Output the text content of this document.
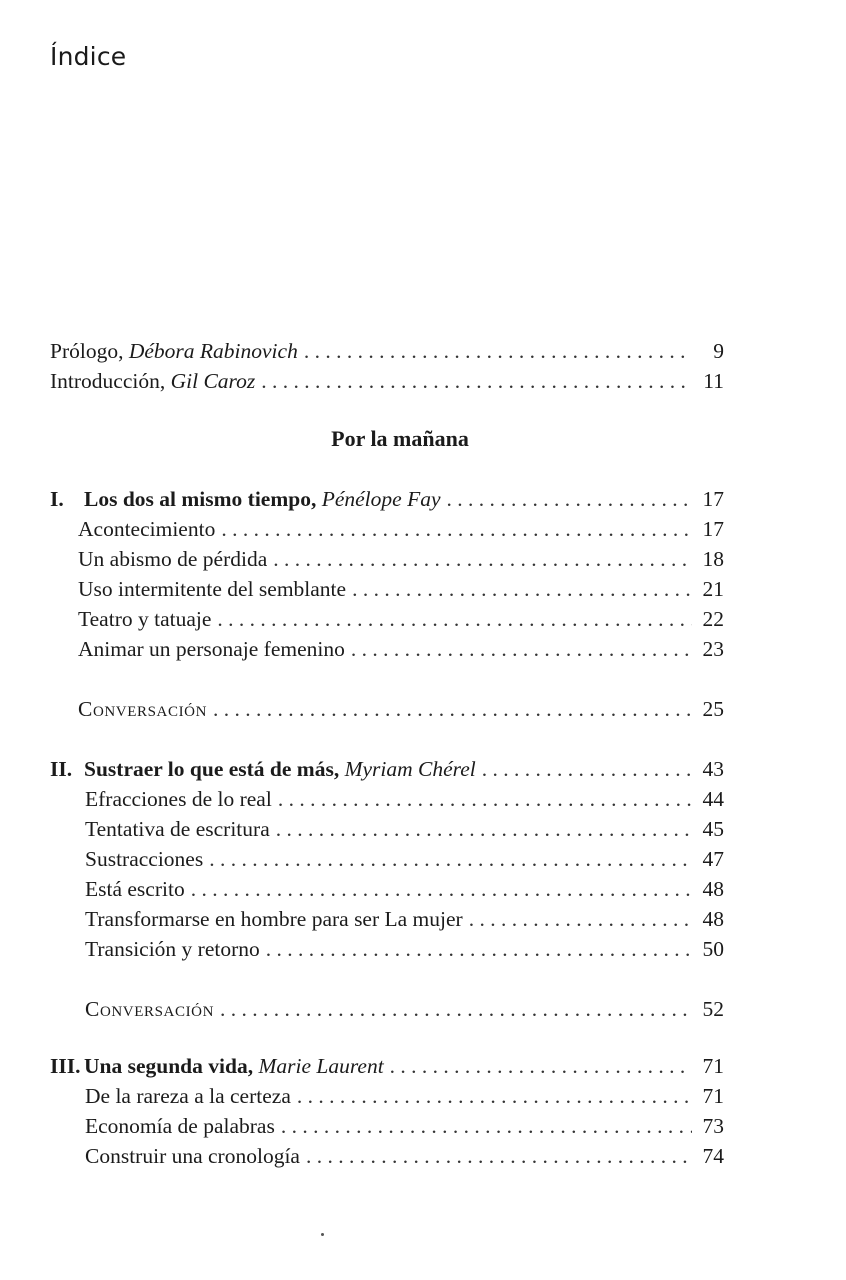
Índice
Prólogo, Débora Rabinovich . . .	9
Introducción, Gil Caroz . . .	11
Por la mañana
I. Los dos al mismo tiempo, Pénélope Fay . . .	17
Acontecimiento . . .	17
Un abismo de pérdida . . .	18
Uso intermitente del semblante . . .	21
Teatro y tatuaje . . .	22
Animar un personaje femenino . . .	23
Conversación . . .	25
II. Sustraer lo que está de más, Myriam Chérel . . .	43
Efracciones de lo real . . .	44
Tentativa de escritura . . .	45
Sustracciones . . .	47
Está escrito . . .	48
Transformarse en hombre para ser La mujer . . .	48
Transición y retorno . . .	50
Conversación . . .	52
III. Una segunda vida, Marie Laurent . . .	71
De la rareza a la certeza . . .	71
Economía de palabras . . .	73
Construir una cronología . . .	74
